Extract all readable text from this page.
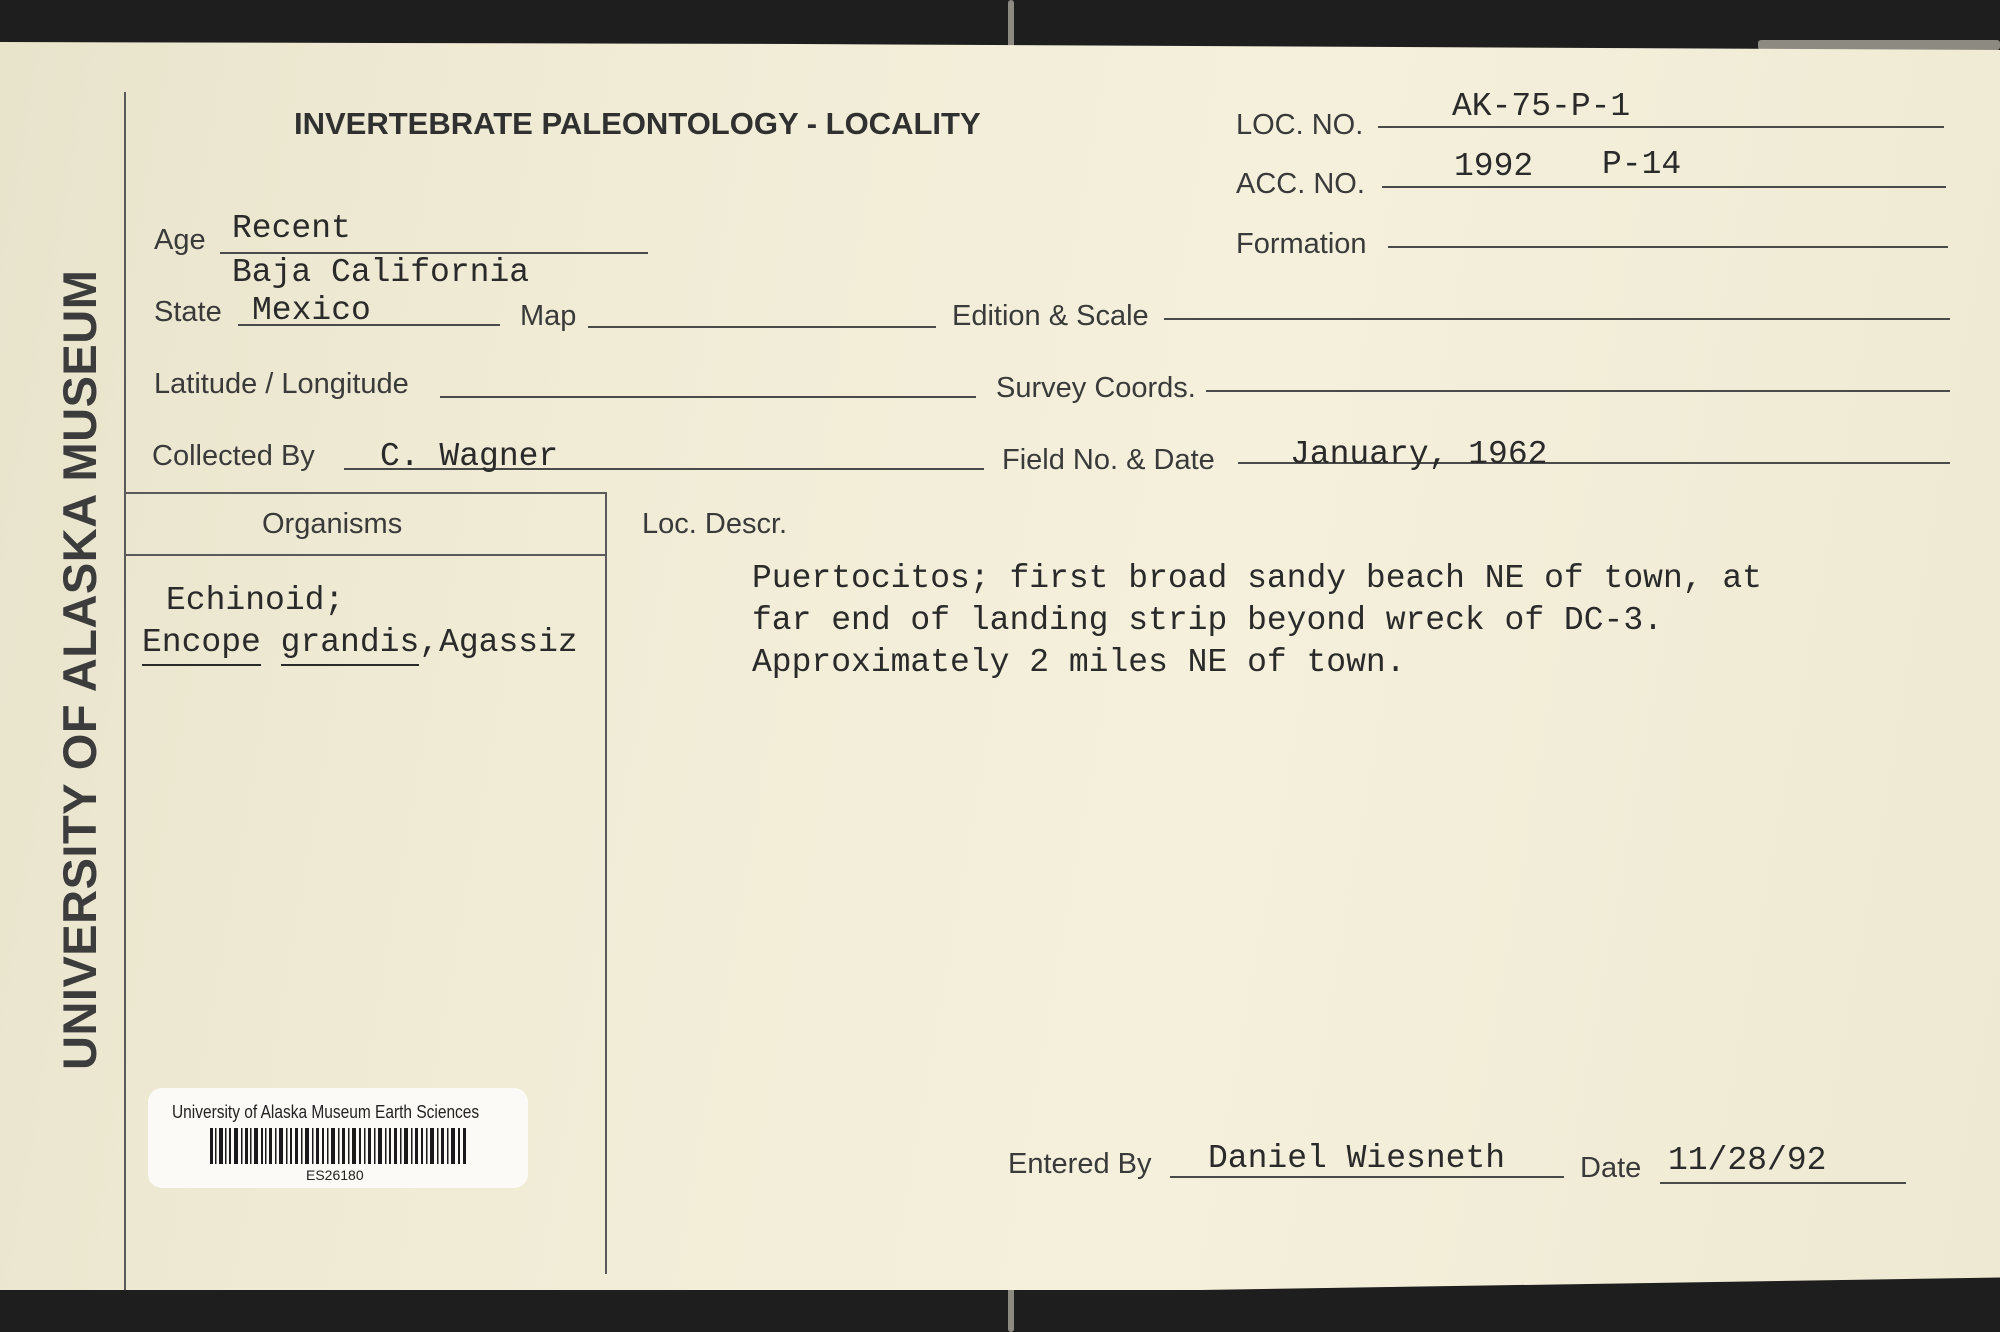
UNIVERSITY OF ALASKA MUSEUM
INVERTEBRATE PALEONTOLOGY - LOCALITY	LOC. NO.	AK-75-P-1
ACC. NO.	1992 P-14
Age Recent
Baja California
Formation
State Mexico	Map	Edition & Scale
Latitude / Longitude	Survey Coords.
Collected By C. Wagner	Field No. & Date January, 1962
Organisms
Echinoid;
Encope grandis,Agassiz
Loc. Descr.
Puertocitos; first broad sandy beach NE of town, at
far end of landing strip beyond wreck of DC-3.
Approximately 2 miles NE of town.
University of Alaska Museum Earth Sciences
ES26180	Entered By Daniel Wiesneth	Date 11/28/92
